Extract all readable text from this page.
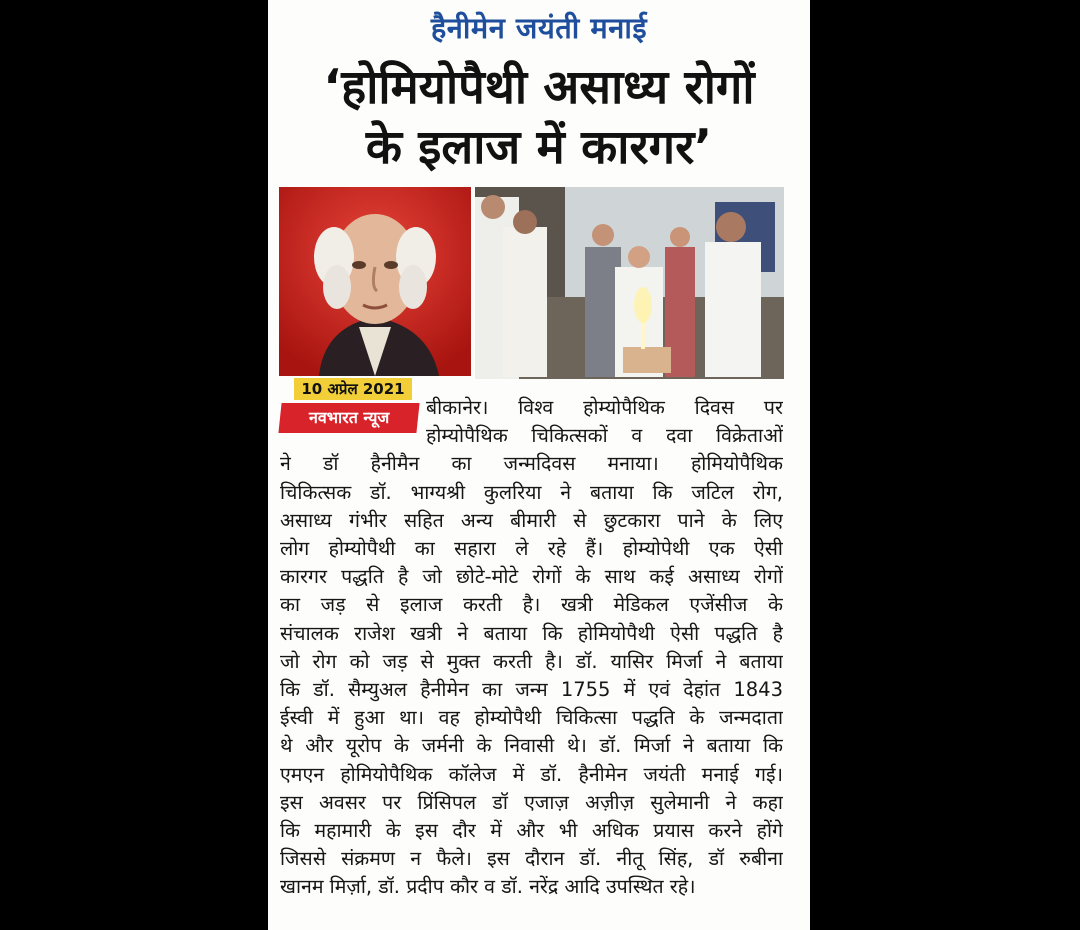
हैनीमेन जयंती मनाई
‘होमियोपैथी असाध्य रोगों
के इलाज में कारगर’
10 अप्रेल 2021
नवभारत न्यूज	बीकानेर। विश्व होम्योपैथिक दिवस पर
होम्योपैथिक चिकित्सकों व दवा विक्रेताओं
ने डॉ हैनीमैन का जन्मदिवस मनाया। होमियोपैथिक
चिकित्सक डॉ. भाग्यश्री कुलरिया ने बताया कि जटिल रोग,
असाध्य गंभीर सहित अन्य बीमारी से छुटकारा पाने के लिए
लोग होम्योपैथी का सहारा ले रहे हैं। होम्योपेथी एक ऐसी
कारगर पद्धति है जो छोटे-मोटे रोगों के साथ कई असाध्य रोगों
का जड़ से इलाज करती है। खत्री मेडिकल एजेंसीज के
संचालक राजेश खत्री ने बताया कि होमियोपैथी ऐसी पद्धति है
जो रोग को जड़ से मुक्त करती है। डॉ. यासिर मिर्जा ने बताया
कि डॉ. सैम्युअल हैनीमेन का जन्म 1755 में एवं देहांत 1843
ईस्वी में हुआ था। वह होम्योपैथी चिकित्सा पद्धति के जन्मदाता
थे और यूरोप के जर्मनी के निवासी थे। डॉ. मिर्जा ने बताया कि
एमएन होमियोपैथिक कॉलेज में डॉ. हैनीमेन जयंती मनाई गई।
इस अवसर पर प्रिंसिपल डॉ एजाज़ अज़ीज़ सुलेमानी ने कहा
कि महामारी के इस दौर में और भी अधिक प्रयास करने होंगे
जिससे संक्रमण न फैले। इस दौरान डॉ. नीतू सिंह, डॉ रुबीना
खानम मिर्ज़ा, डॉ. प्रदीप कौर व डॉ. नरेंद्र आदि उपस्थित रहे।
